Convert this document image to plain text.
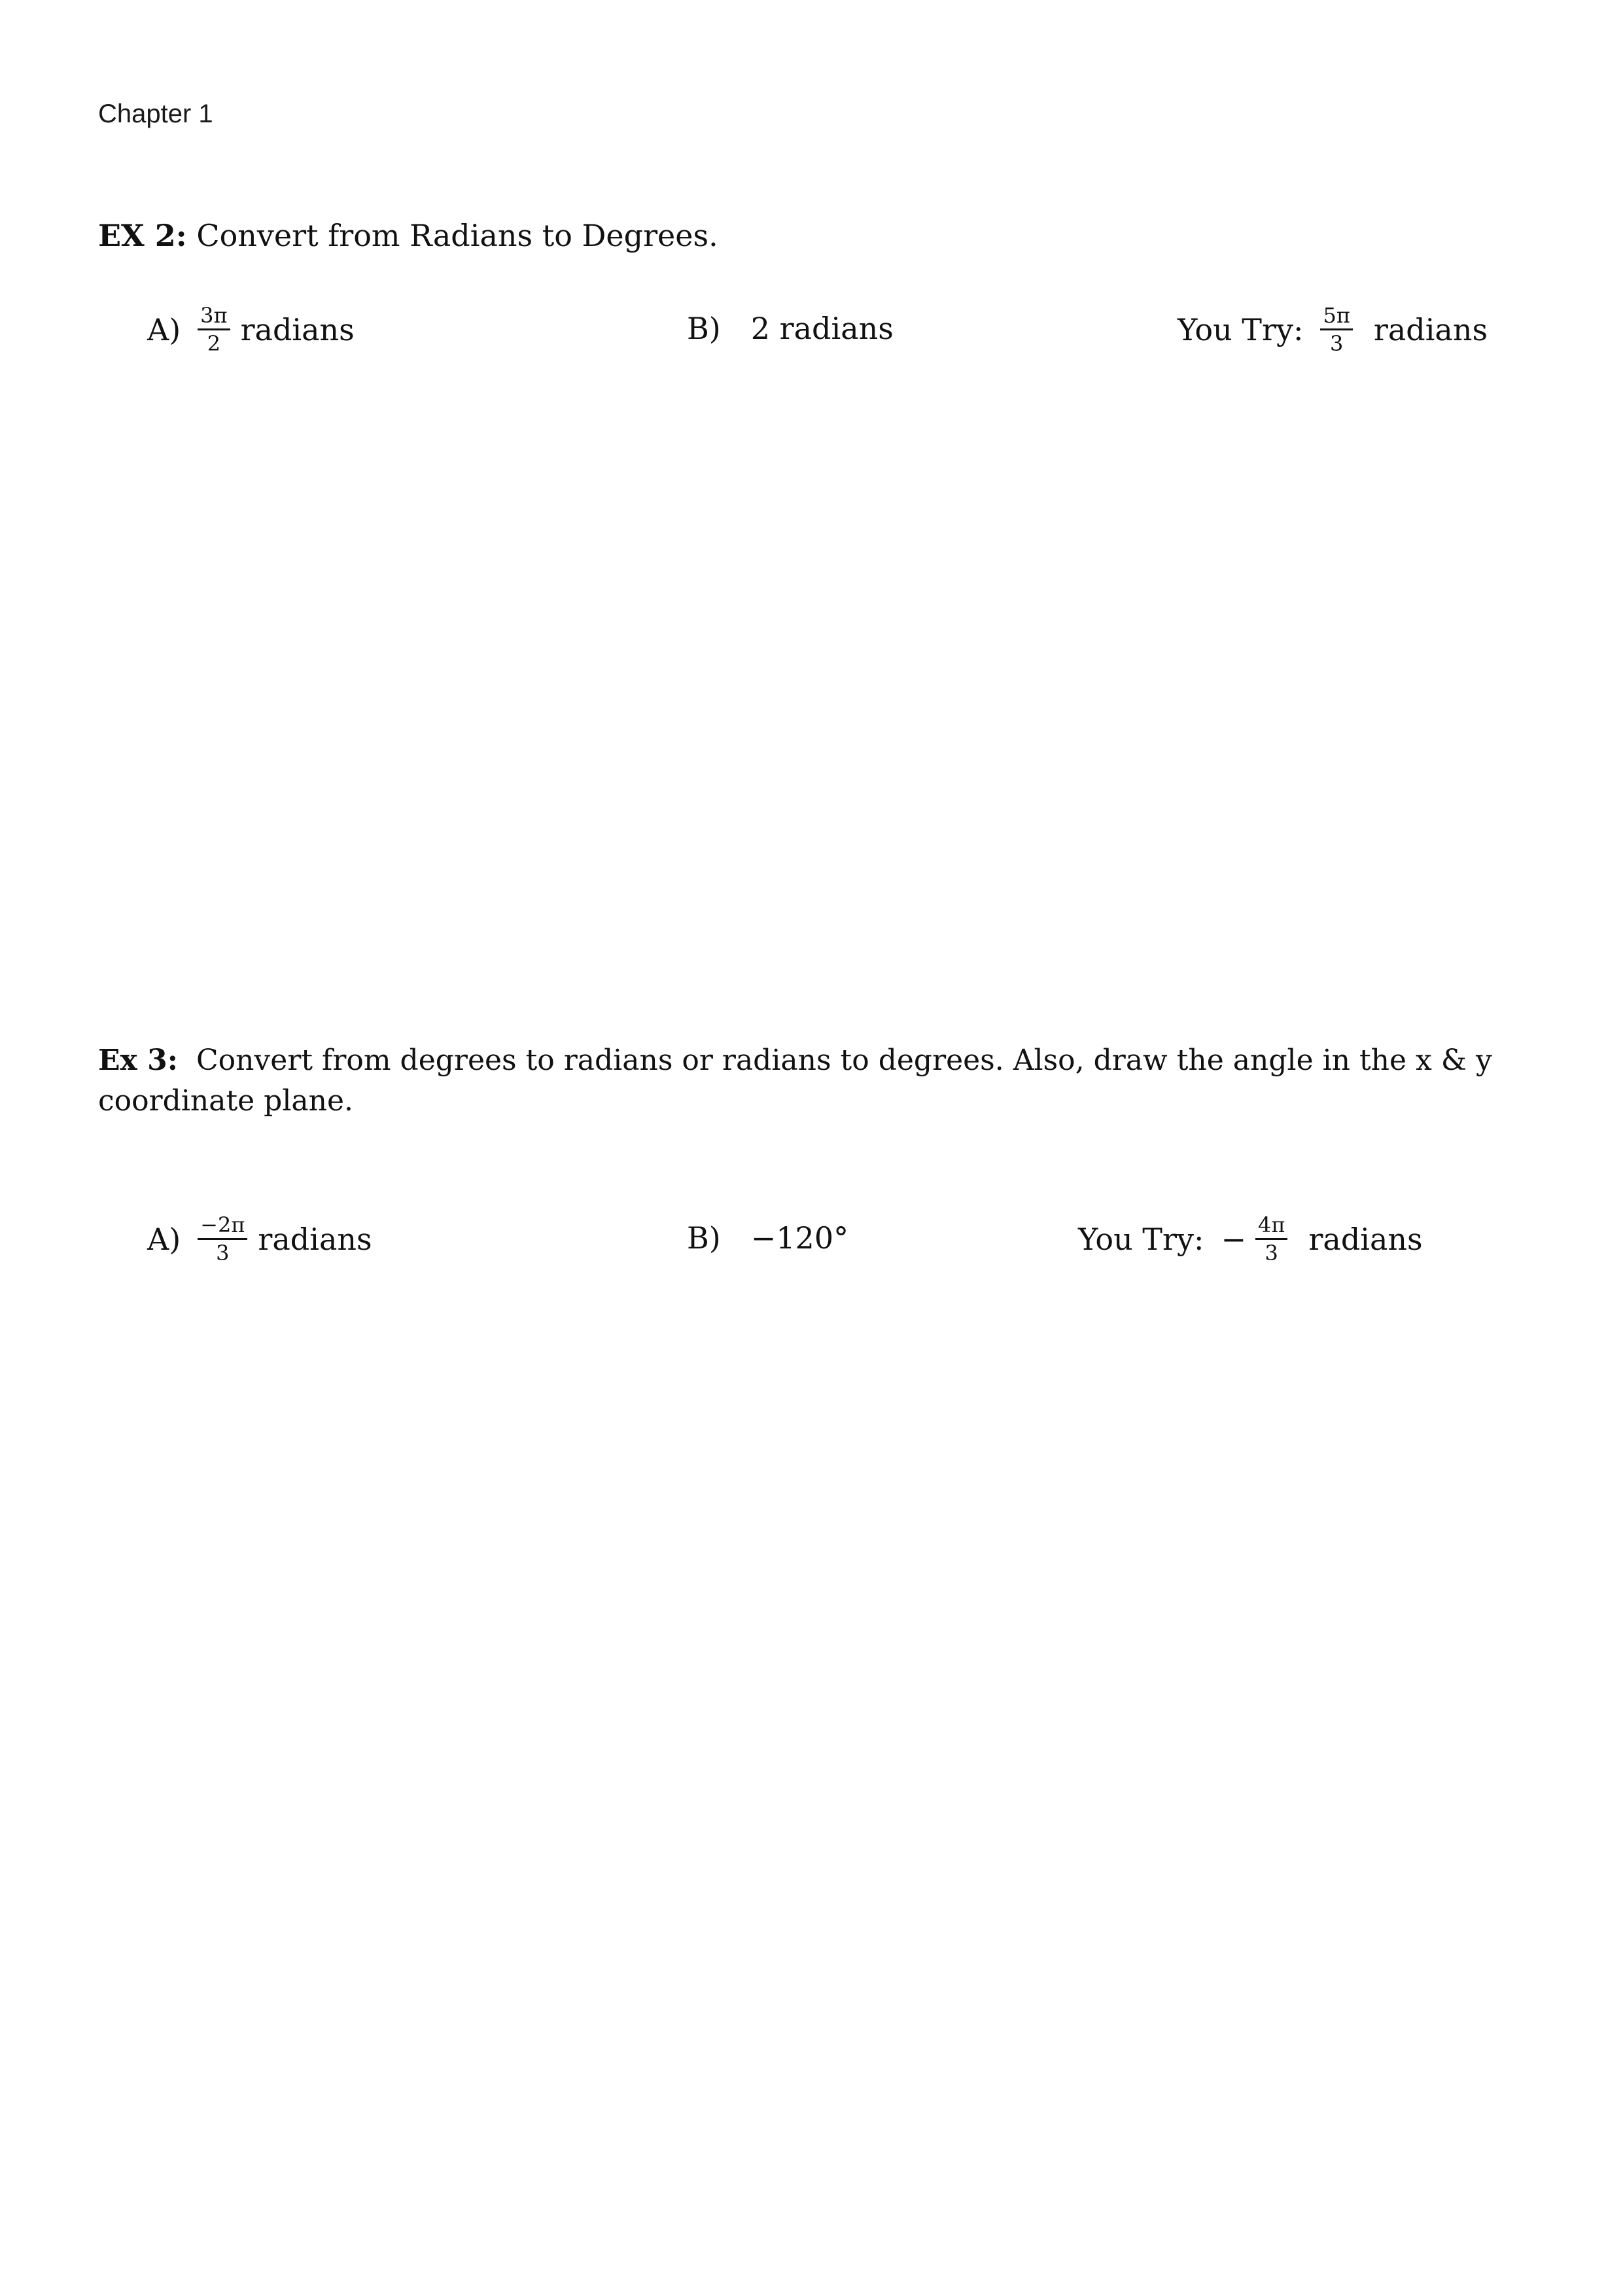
Chapter 1
EX 2: Convert from Radians to Degrees.
$A) \frac{3\pi}{2}$ radians	B) 2 radians	You Try: $\frac{5\pi}{3}$ radians
Ex 3: Convert from degrees to radians or radians to degrees. Also, draw the angle in the x & y coordinate plane.
$A) \frac{-2\pi}{3}$ radians	B) −120°	You Try: − $\frac{4\pi}{3}$ radians
